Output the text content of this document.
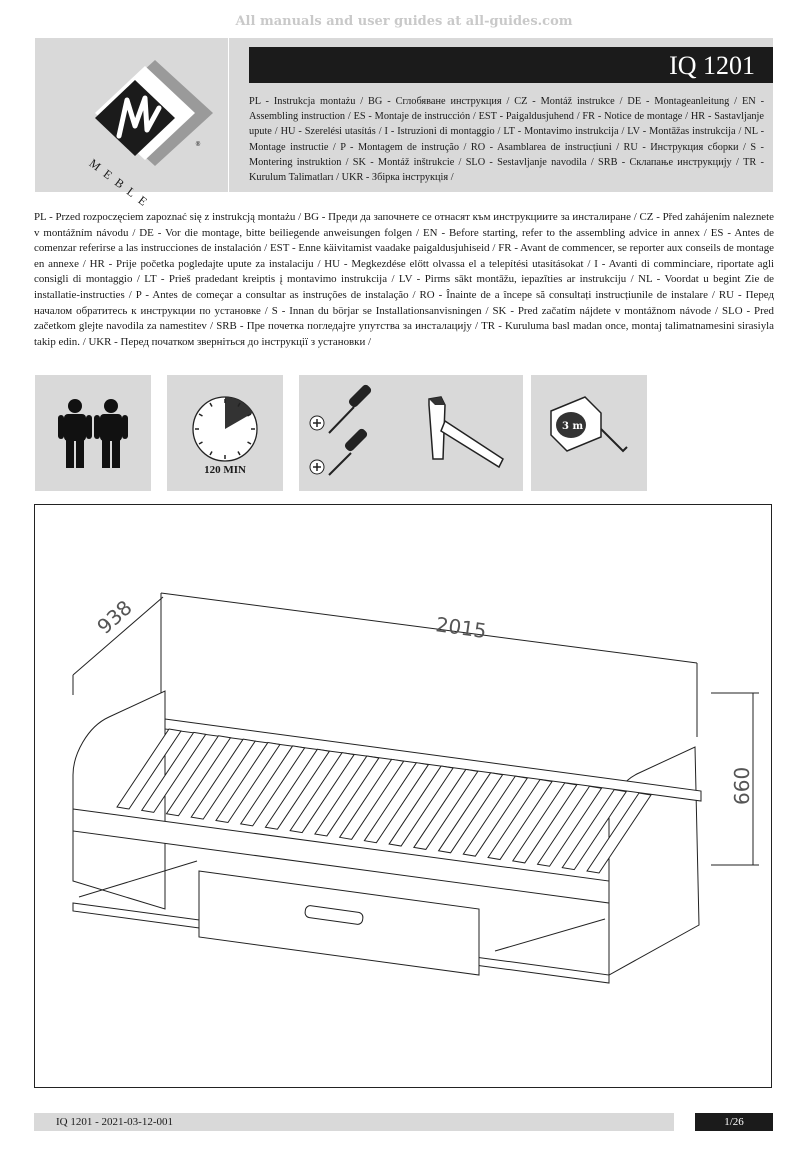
All manuals and user guides at all-guides.com
®
MEBLE
IQ 1201
PL - Instrukcja montażu / BG - Сглобяване инструкция / CZ - Montáž instrukce / DE - Montageanleitung / EN - Assembling instruction / ES - Montaje de instrucción / EST - Paigaldusjuhend / FR - Notice de montage / HR - Sastavljanje upute / HU - Szerelési utasítás / I - Istruzioni di montaggio / LT - Montavimo instrukcija / LV - Montāžas instrukcija / NL - Montage instructie / P - Montagem de instrução / RO - Asamblarea de instrucțiuni / RU - Инструкция сборки / S - Montering instruktion / SK - Montáž inštrukcie / SLO - Sestavljanje navodila / SRB - Склапање инструкцију / TR - Kurulum Talimatları / UKR - Збірка інструкція /
PL - Przed rozpoczęciem zapoznać się z instrukcją montażu / BG - Преди да започнете се отнасят към инструкциите за инсталиране / CZ - Před zahájením naleznete v montážním návodu / DE - Vor die montage, bitte beiliegende anweisungen folgen / EN - Before starting, refer to the assembling advice in annex / ES - Antes de comenzar referirse a las instrucciones de instalación / EST - Enne käivitamist vaadake paigaldusjuhiseid / FR - Avant de commencer, se reporter aux conseils de montage en annexe / HR - Prije početka pogledajte upute za instalaciju / HU - Megkezdése előtt olvassa el a telepítési utasításokat / I - Avanti di comminciare, riportate agli consigli di montaggio / LT - Prieš pradedant kreiptis į montavimo instrukcija / LV - Pirms sākt montāžu, iepazīties ar instrukciju / NL - Voordat u begint Zie de installatie-instructies / P - Antes de começar a consultar as instruções de instalação / RO - Înainte de a începe să consultați instrucțiunile de instalare / RU - Перед началом обратитесь к инструкции по установке / S - Innan du börjar se Installationsanvisningen / SK - Pred začatím nájdete v montážnom návode / SLO - Pred začetkom glejte navodila za namestitev / SRB - Пре почетка погледајте упутства за инсталацију / TR - Kuruluma basl madan once, montaj talimatnamesini sirasiyla takip edin. / UKR - Перед початком зверніться до інструкції з установки /
120 MIN
3 m
2015
938
660
IQ 1201 - 2021-03-12-001	1/26
